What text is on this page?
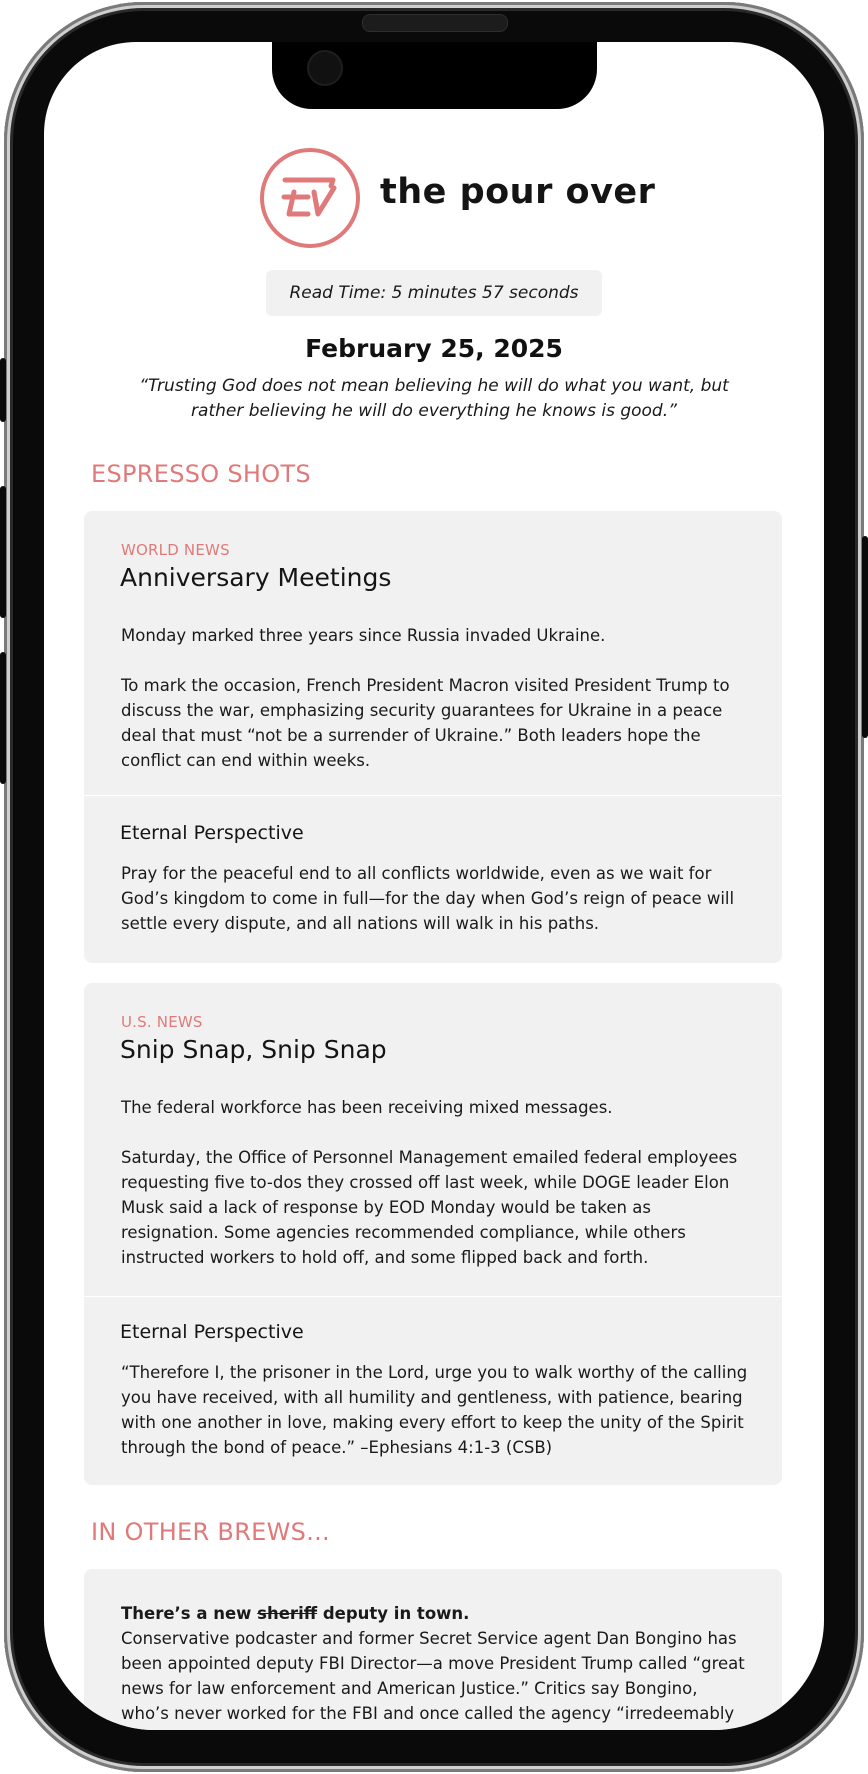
the pour over
Read Time: 5 minutes 57 seconds
February 25, 2025
“Trusting God does not mean believing he will do what you want, but rather believing he will do everything he knows is good.”
ESPRESSO SHOTS
WORLD NEWS
Anniversary Meetings
Monday marked three years since Russia invaded Ukraine.
To mark the occasion, French President Macron visited President Trump to discuss the war, emphasizing security guarantees for Ukraine in a peace deal that must “not be a surrender of Ukraine.” Both leaders hope the conflict can end within weeks.
Eternal Perspective
Pray for the peaceful end to all conflicts worldwide, even as we wait for God’s kingdom to come in full—for the day when God’s reign of peace will settle every dispute, and all nations will walk in his paths.
U.S. NEWS
Snip Snap, Snip Snap
The federal workforce has been receiving mixed messages.
Saturday, the Office of Personnel Management emailed federal employees requesting five to-dos they crossed off last week, while DOGE leader Elon Musk said a lack of response by EOD Monday would be taken as resignation. Some agencies recommended compliance, while others instructed workers to hold off, and some flipped back and forth.
Eternal Perspective
“Therefore I, the prisoner in the Lord, urge you to walk worthy of the calling you have received, with all humility and gentleness, with patience, bearing with one another in love, making every effort to keep the unity of the Spirit through the bond of peace.” –Ephesians 4:1-3 (CSB)
IN OTHER BREWS...
There’s a new sheriff deputy in town.
Conservative podcaster and former Secret Service agent Dan Bongino has been appointed deputy FBI Director—a move President Trump called “great news for law enforcement and American Justice.” Critics say Bongino, who’s never worked for the FBI and once called the agency “irredeemably
